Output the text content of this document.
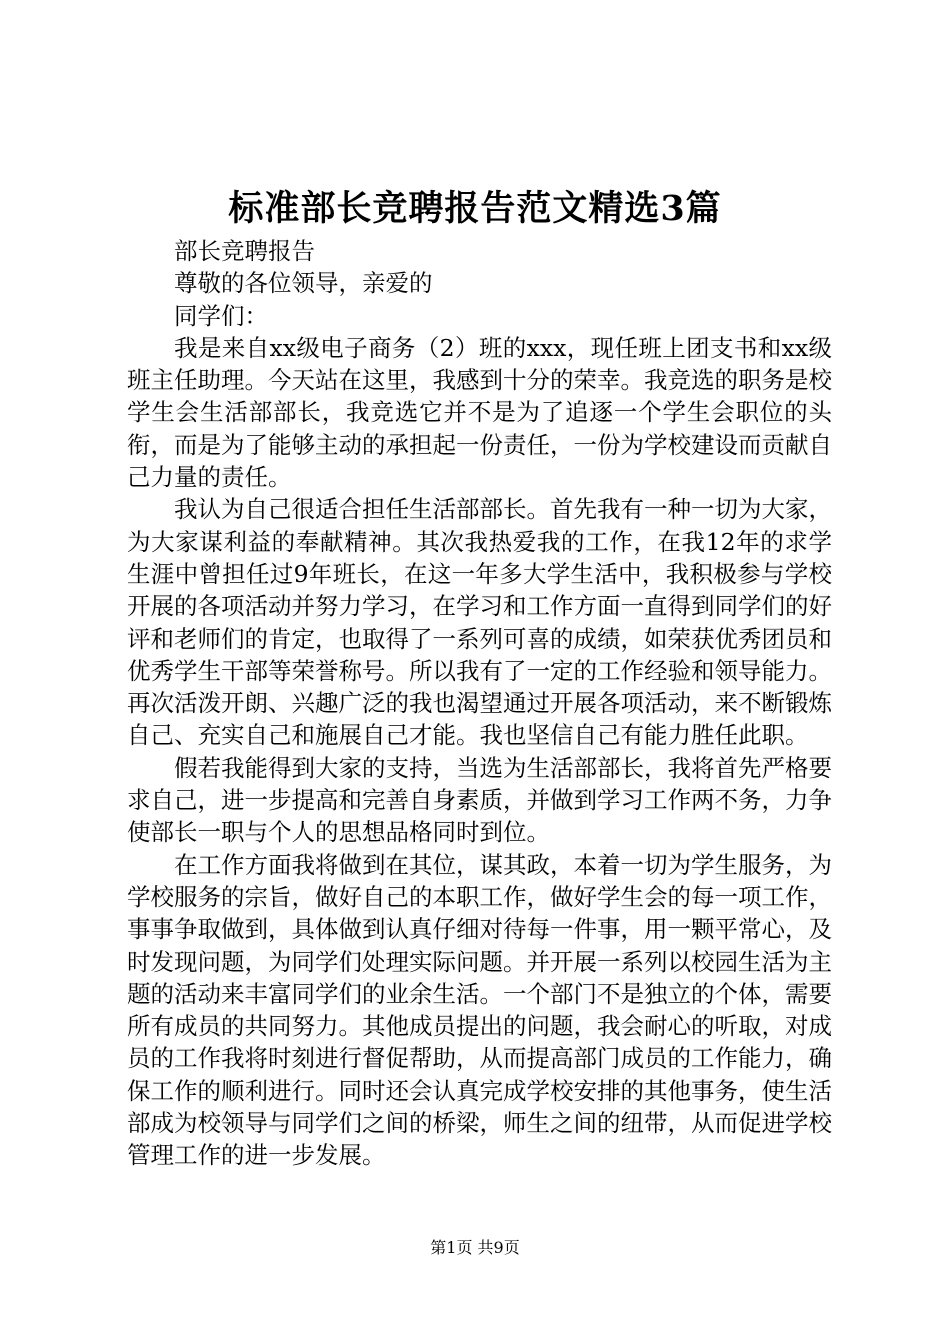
标准部长竞聘报告范文精选3篇

部长竞聘报告

尊敬的各位领导，亲爱的

同学们：

我是来自xx级电子商务（2）班的xxx，现任班上团支书和xx级班主任助理。今天站在这里，我感到十分的荣幸。我竞选的职务是校学生会生活部部长，我竞选它并不是为了追逐一个学生会职位的头衔，而是为了能够主动的承担起一份责任，一份为学校建设而贡献自己力量的责任。

我认为自己很适合担任生活部部长。首先我有一种一切为大家，为大家谋利益的奉献精神。其次我热爱我的工作，在我12年的求学生涯中曾担任过9年班长，在这一年多大学生活中，我积极参与学校开展的各项活动并努力学习，在学习和工作方面一直得到同学们的好评和老师们的肯定，也取得了一系列可喜的成绩，如荣获优秀团员和优秀学生干部等荣誉称号。所以我有了一定的工作经验和领导能力。再次活泼开朗、兴趣广泛的我也渴望通过开展各项活动，来不断锻炼自己、充实自己和施展自己才能。我也坚信自己有能力胜任此职。

假若我能得到大家的支持，当选为生活部部长，我将首先严格要求自己，进一步提高和完善自身素质，并做到学习工作两不务，力争使部长一职与个人的思想品格同时到位。

在工作方面我将做到在其位，谋其政，本着一切为学生服务，为学校服务的宗旨，做好自己的本职工作，做好学生会的每一项工作，事事争取做到，具体做到认真仔细对待每一件事，用一颗平常心，及时发现问题，为同学们处理实际问题。并开展一系列以校园生活为主题的活动来丰富同学们的业余生活。一个部门不是独立的个体，需要所有成员的共同努力。其他成员提出的问题，我会耐心的听取，对成员的工作我将时刻进行督促帮助，从而提高部门成员的工作能力，确保工作的顺利进行。同时还会认真完成学校安排的其他事务，使生活部成为校领导与同学们之间的桥梁，师生之间的纽带，从而促进学校管理工作的进一步发展。

第1页 共9页
